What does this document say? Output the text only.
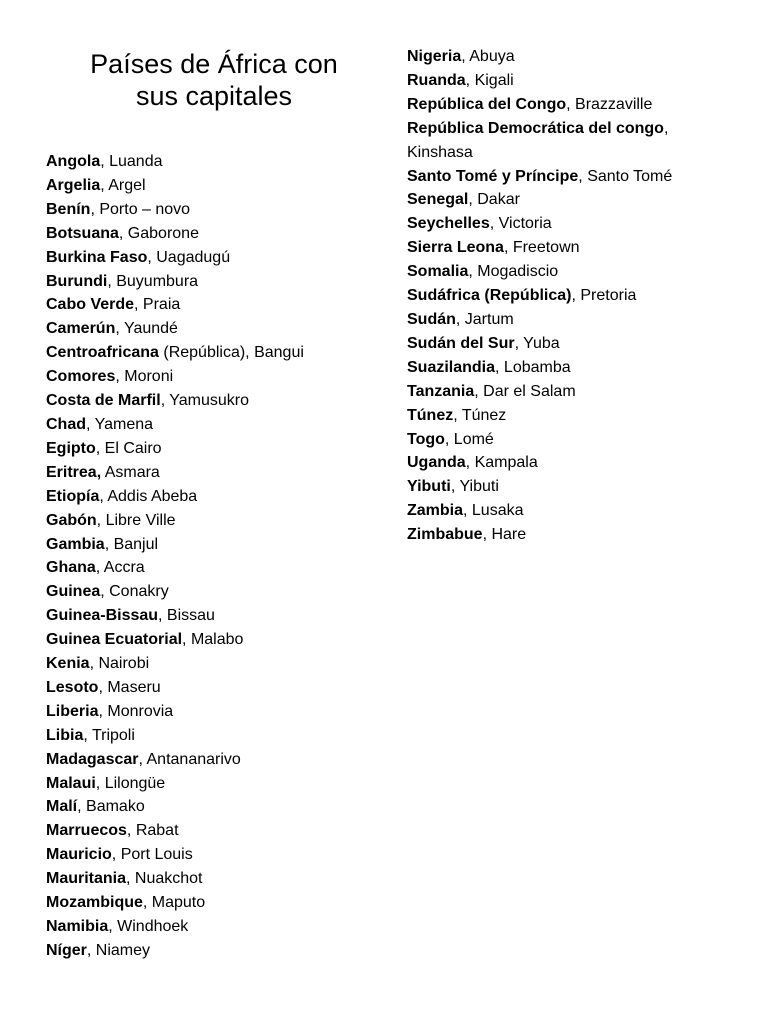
Países de África con
sus capitales
Angola, Luanda
Argelia, Argel
Benín, Porto – novo
Botsuana, Gaborone
Burkina Faso, Uagadugú
Burundi, Buyumbura
Cabo Verde, Praia
Camerún, Yaundé
Centroafricana (República), Bangui
Comores, Moroni
Costa de Marfil, Yamusukro
Chad, Yamena
Egipto, El Cairo
Eritrea, Asmara
Etiopía, Addis Abeba
Gabón, Libre Ville
Gambia, Banjul
Ghana, Accra
Guinea, Conakry
Guinea-Bissau, Bissau
Guinea Ecuatorial, Malabo
Kenia, Nairobi
Lesoto, Maseru
Liberia, Monrovia
Libia, Tripoli
Madagascar, Antananarivo
Malaui, Lilongüe
Malí, Bamako
Marruecos, Rabat
Mauricio, Port Louis
Mauritania, Nuakchot
Mozambique, Maputo
Namibia, Windhoek
Níger, Niamey
Nigeria, Abuya
Ruanda, Kigali
República del Congo, Brazzaville
República Democrática del congo, Kinshasa
Santo Tomé y Príncipe, Santo Tomé
Senegal, Dakar
Seychelles, Victoria
Sierra Leona, Freetown
Somalia, Mogadiscio
Sudáfrica (República), Pretoria
Sudán, Jartum
Sudán del Sur, Yuba
Suazilandia, Lobamba
Tanzania, Dar el Salam
Túnez, Túnez
Togo, Lomé
Uganda, Kampala
Yibuti, Yibuti
Zambia, Lusaka
Zimbabue, Hare
